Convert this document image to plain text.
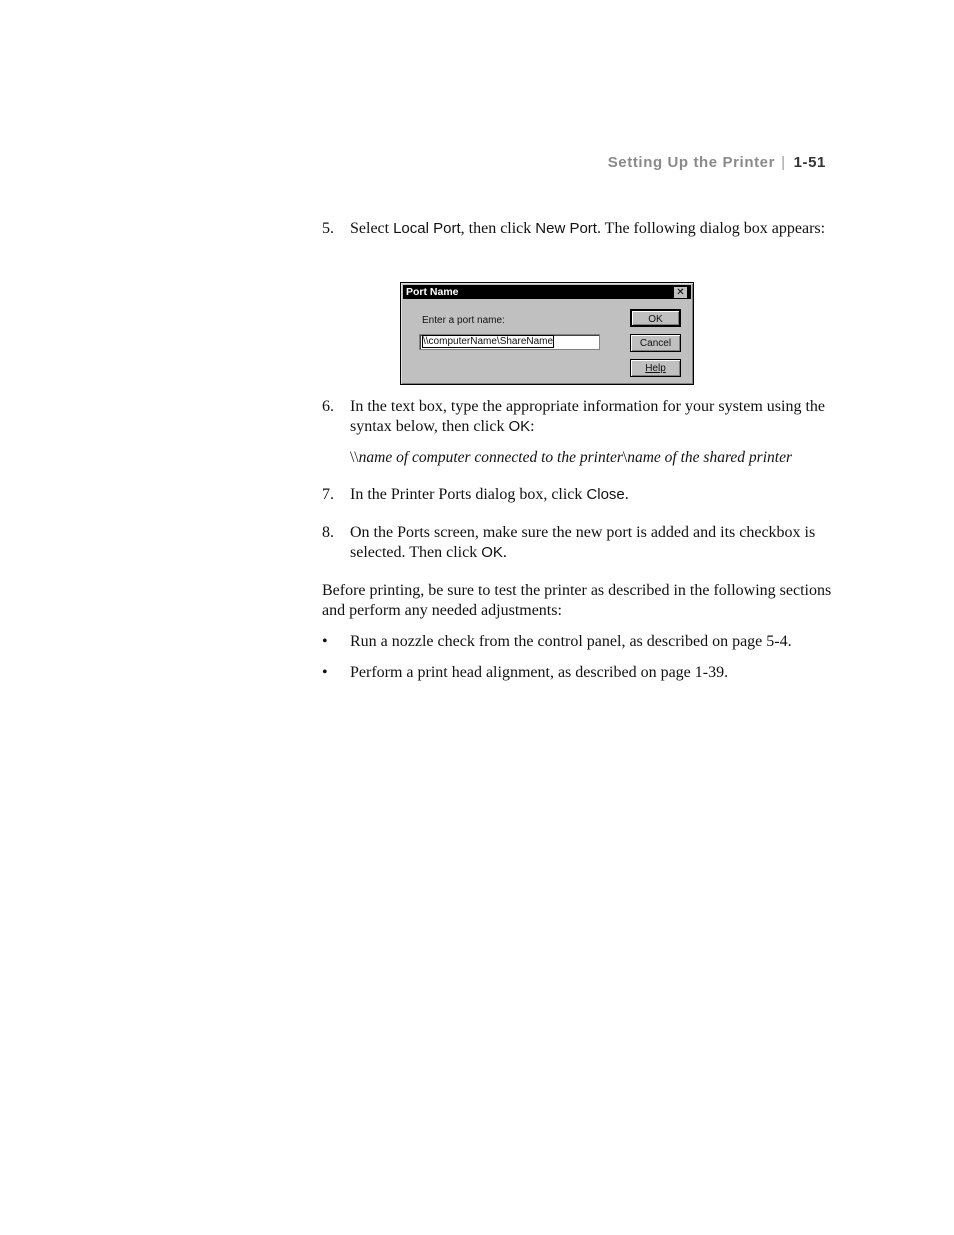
Setting Up the Printer | 1-51
5. Select Local Port, then click New Port. The following dialog box appears:
6. In the text box, type the appropriate information for your system using the syntax below, then click OK:
\\name of computer connected to the printer\name of the shared printer
7. In the Printer Ports dialog box, click Close.
8. On the Ports screen, make sure the new port is added and its checkbox is selected. Then click OK.

Before printing, be sure to test the printer as described in the following sections and perform any needed adjustments:

• Run a nozzle check from the control panel, as described on page 5-4.
• Perform a print head alignment, as described on page 1-39.
Port Name	✕
Enter a port name:
\\computerName\ShareName
OK
Cancel
Help
